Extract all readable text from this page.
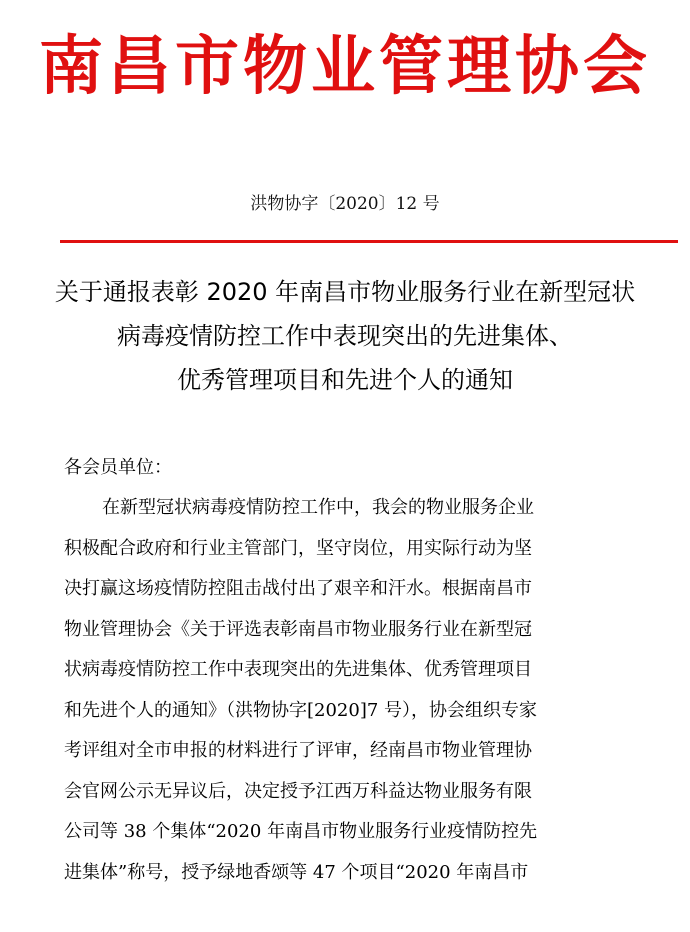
南昌市物业管理协会
洪物协字〔2020〕12 号
关于通报表彰 2020 年南昌市物业服务行业在新型冠状
病毒疫情防控工作中表现突出的先进集体、
优秀管理项目和先进个人的通知
各会员单位：
在新型冠状病毒疫情防控工作中，我会的物业服务企业
积极配合政府和行业主管部门，坚守岗位，用实际行动为坚
决打赢这场疫情防控阻击战付出了艰辛和汗水。根据南昌市
物业管理协会《关于评选表彰南昌市物业服务行业在新型冠
状病毒疫情防控工作中表现突出的先进集体、优秀管理项目
和先进个人的通知》（洪物协字[2020]7 号），协会组织专家
考评组对全市申报的材料进行了评审，经南昌市物业管理协
会官网公示无异议后，决定授予江西万科益达物业服务有限
公司等 38 个集体“2020 年南昌市物业服务行业疫情防控先
进集体”称号，授予绿地香颂等 47 个项目“2020 年南昌市
